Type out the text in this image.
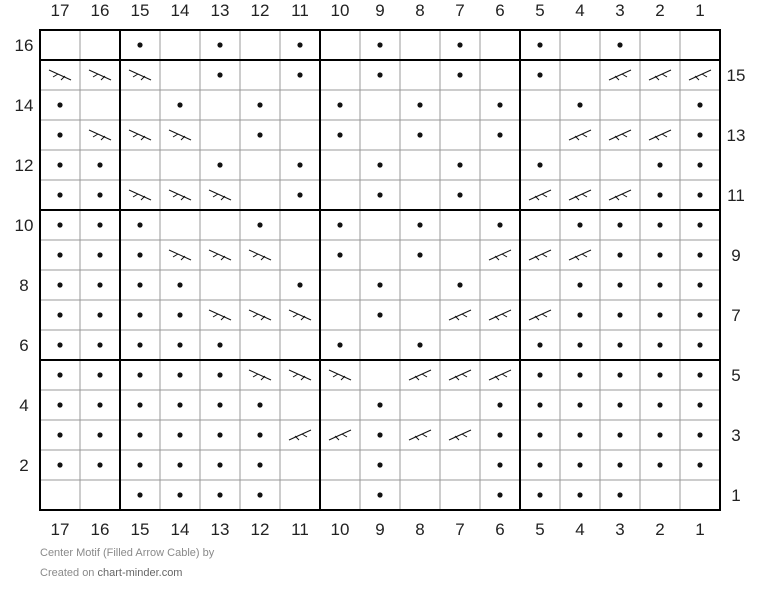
17 16 15 14 13 12 11 10 9 8 7 6 5 4 3 2 1
16
14
12
10
8
6
4
2
15
13
11
9
7
5
3
1
17 16 15 14 13 12 11 10 9 8 7 6 5 4 3 2 1
Center Motif (Filled Arrow Cable) by
Created on chart-minder.com
